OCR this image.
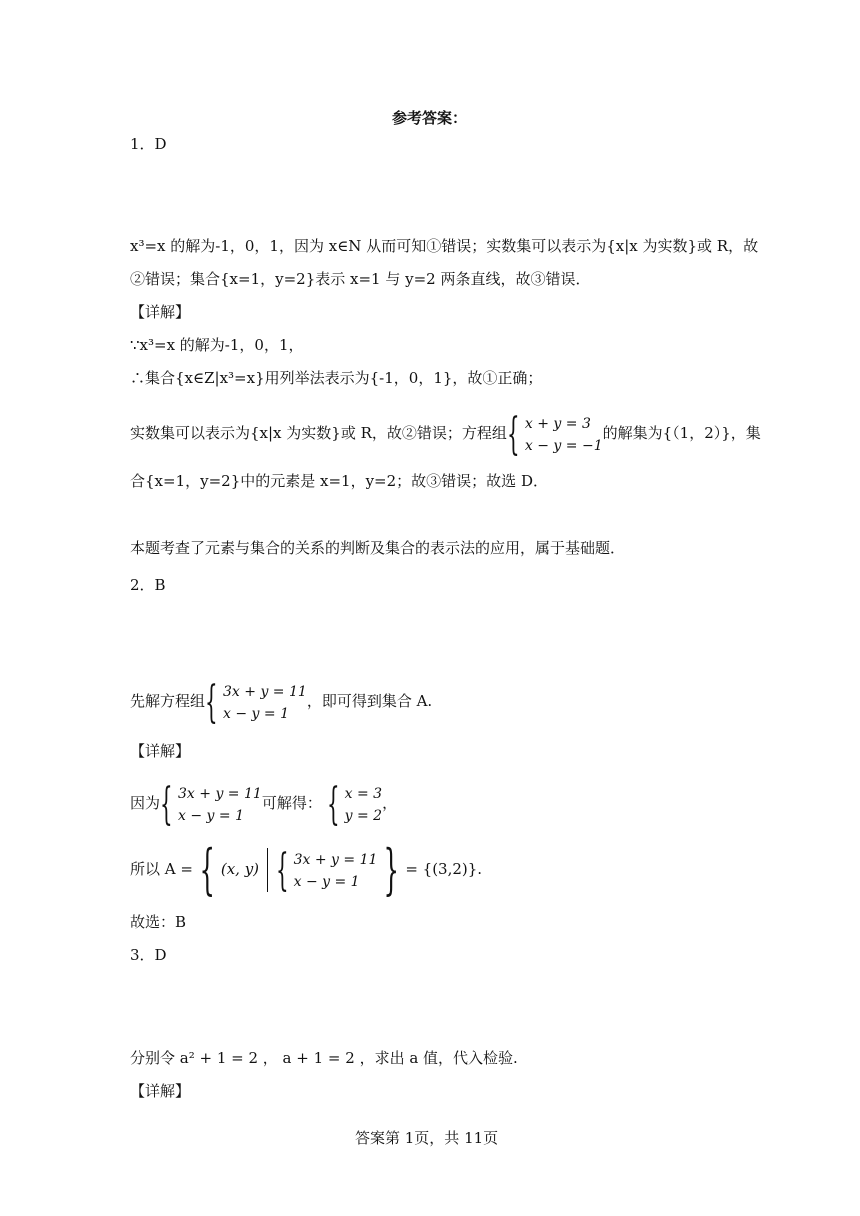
参考答案：
1．D
x³=x 的解为-1，0，1，因为 x∈N 从而可知①错误；实数集可以表示为{x|x 为实数}或 R，故
②错误；集合{x=1，y=2}表示 x=1 与 y=2 两条直线，故③错误．
【详解】
∵x³=x 的解为-1，0，1，
∴集合{x∈Z|x³=x}用列举法表示为{-1，0，1}，故①正确；
实数集可以表示为{x|x 为实数}或 R，故②错误；方程组{ x + y = 3
x − y = −1
的解集为{（1，2）}，集
合{x=1，y=2}中的元素是 x=1，y=2；故③错误；故选 D．
本题考查了元素与集合的关系的判断及集合的表示法的应用，属于基础题．
2．B
先解方程组{ 3x + y = 11
x − y = 1
，即可得到集合 A.
【详解】
因为{ 3x + y = 11
x − y = 1
可解得： { x = 3
y = 2
，
所以 A = { (x, y) { 3x + y = 11
x − y = 1 } = {(3,2)}.
故选：B
3．D
分别令 a² + 1 = 2 ， a + 1 = 2 ，求出 a 值，代入检验.
【详解】
答案第 1页，共 11页
